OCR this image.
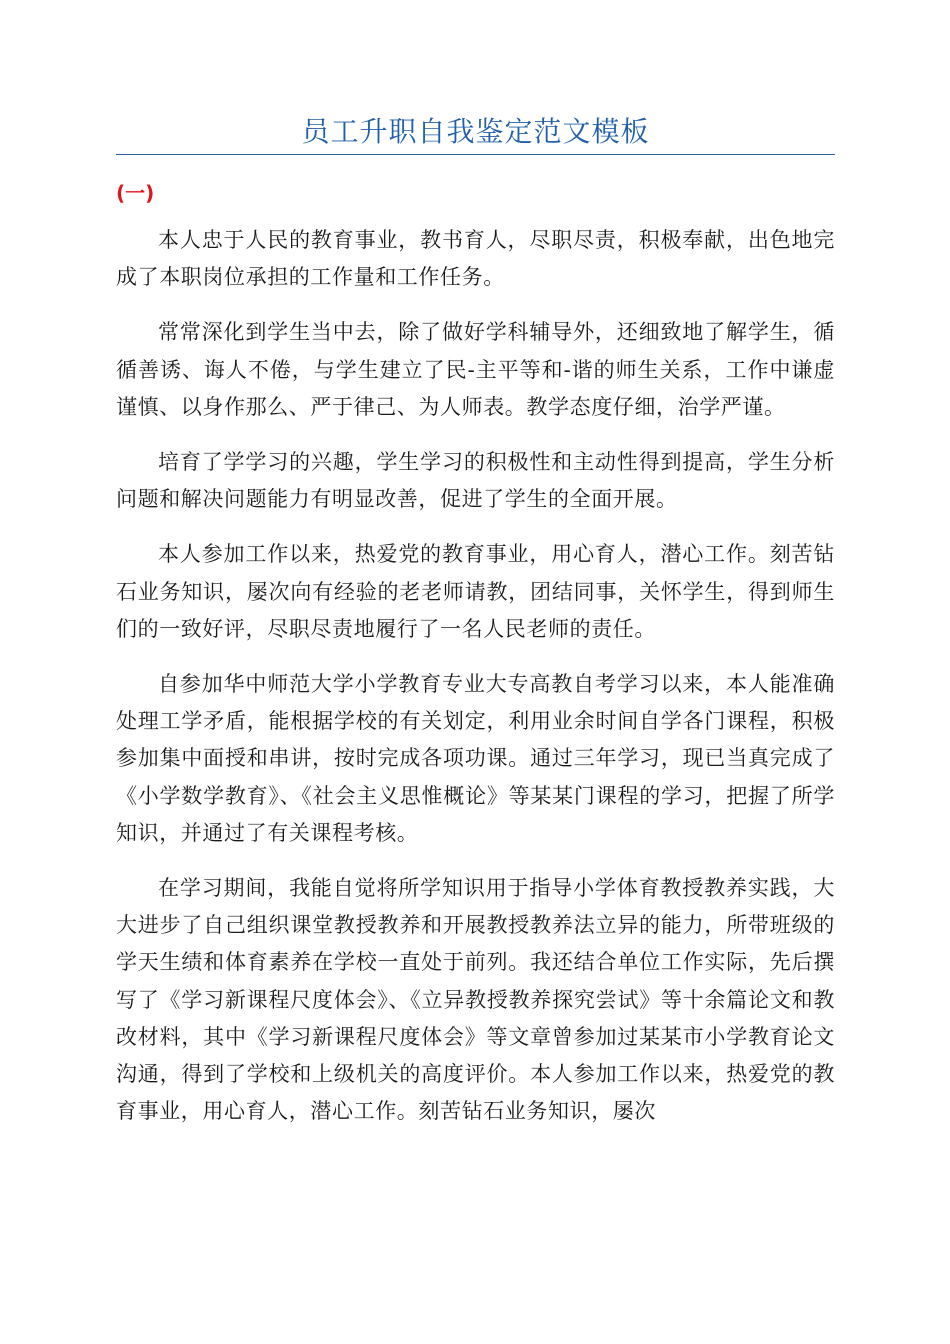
员工升职自我鉴定范文模板
(一)

本人忠于人民的教育事业，教书育人，尽职尽责，积极奉献，出色地完成了本职岗位承担的工作量和工作任务。

常常深化到学生当中去，除了做好学科辅导外，还细致地了解学生，循循善诱、诲人不倦，与学生建立了民-主平等和-谐的师生关系，工作中谦虚谨慎、以身作那么、严于律己、为人师表。教学态度仔细，治学严谨。

培育了学学习的兴趣，学生学习的积极性和主动性得到提高，学生分析问题和解决问题能力有明显改善，促进了学生的全面开展。

本人参加工作以来，热爱党的教育事业，用心育人，潜心工作。刻苦钻石业务知识，屡次向有经验的老老师请教，团结同事，关怀学生，得到师生们的一致好评，尽职尽责地履行了一名人民老师的责任。

自参加华中师范大学小学教育专业大专高教自考学习以来，本人能准确处理工学矛盾，能根据学校的有关划定，利用业余时间自学各门课程，积极参加集中面授和串讲，按时完成各项功课。通过三年学习，现已当真完成了《小学数学教育》、《社会主义思惟概论》等某某门课程的学习，把握了所学知识，并通过了有关课程考核。

在学习期间，我能自觉将所学知识用于指导小学体育教授教养实践，大大进步了自己组织课堂教授教养和开展教授教养法立异的能力，所带班级的学天生绩和体育素养在学校一直处于前列。我还结合单位工作实际，先后撰写了《学习新课程尺度体会》、《立异教授教养探究尝试》等十余篇论文和教改材料，其中《学习新课程尺度体会》等文章曾参加过某某市小学教育论文沟通，得到了学校和上级机关的高度评价。本人参加工作以来，热爱党的教育事业，用心育人，潜心工作。刻苦钻石业务知识，屡次
